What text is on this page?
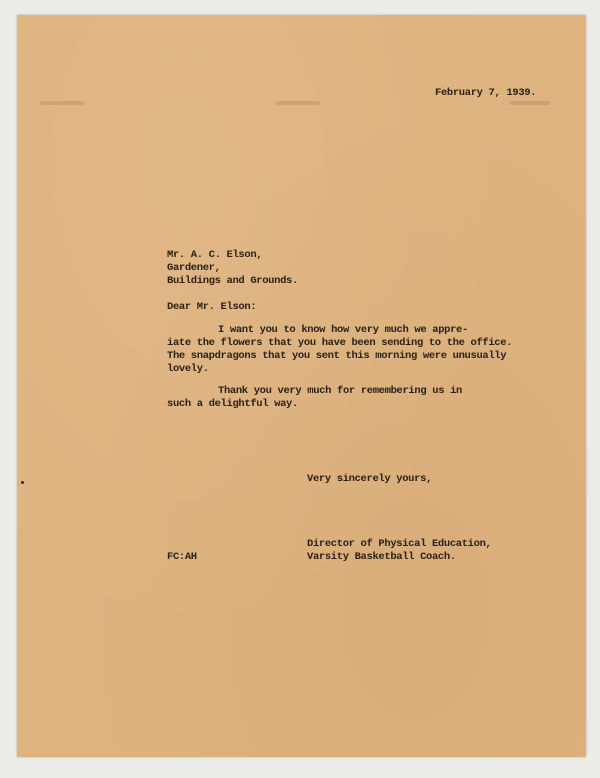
February 7, 1939.
Mr. A. C. Elson,
Gardener,
Buildings and Grounds.
Dear Mr. Elson:
I want you to know how very much we appre-
iate the flowers that you have been sending to the office.
The snapdragons that you sent this morning were unusually
lovely.
Thank you very much for remembering us in
such a delightful way.
Very sincerely yours,
Director of Physical Education,
Varsity Basketball Coach.
FC:AH
